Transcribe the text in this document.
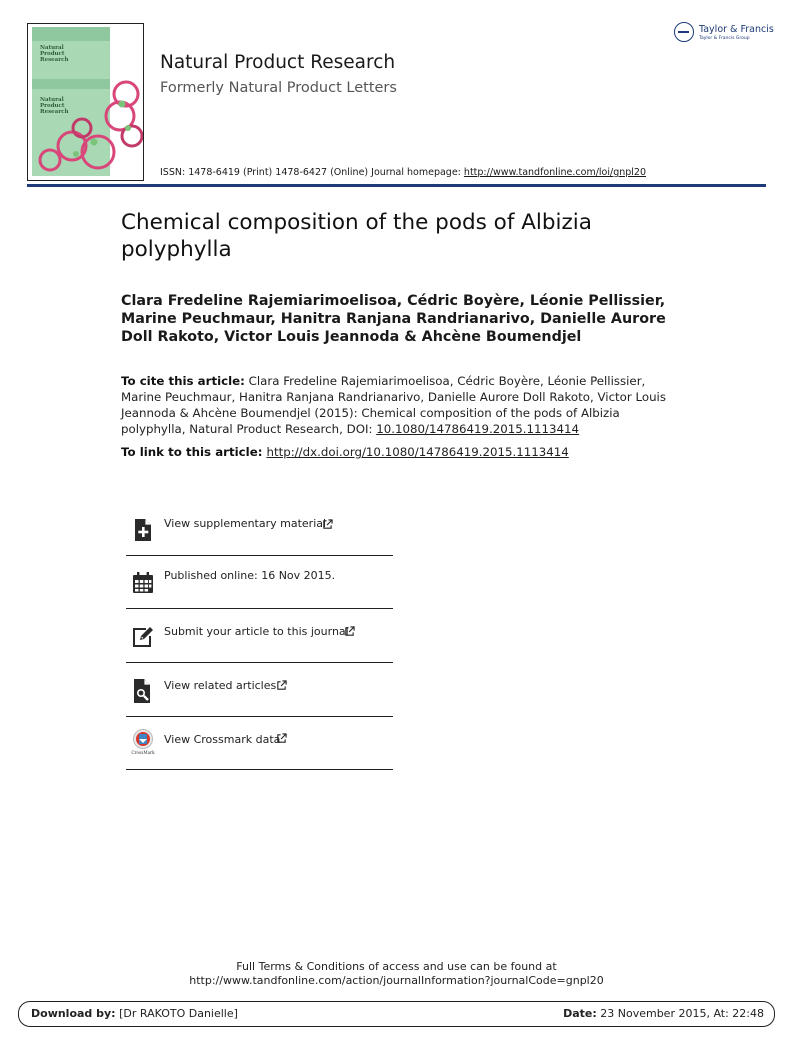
Natural Product Research
Natural Product Research
Taylor & Francis
Taylor & Francis Group
Natural Product Research
Formerly Natural Product Letters
ISSN: 1478-6419 (Print) 1478-6427 (Online) Journal homepage: http://www.tandfonline.com/loi/gnpl20
Chemical composition of the pods of Albizia polyphylla
Clara Fredeline Rajemiarimoelisoa, Cédric Boyère, Léonie Pellissier, Marine Peuchmaur, Hanitra Ranjana Randrianarivo, Danielle Aurore Doll Rakoto, Victor Louis Jeannoda & Ahcène Boumendjel
To cite this article: Clara Fredeline Rajemiarimoelisoa, Cédric Boyère, Léonie Pellissier, Marine Peuchmaur, Hanitra Ranjana Randrianarivo, Danielle Aurore Doll Rakoto, Victor Louis Jeannoda & Ahcène Boumendjel (2015): Chemical composition of the pods of Albizia polyphylla, Natural Product Research, DOI: 10.1080/14786419.2015.1113414
To link to this article: http://dx.doi.org/10.1080/14786419.2015.1113414
View supplementary material
Published online: 16 Nov 2015.
Submit your article to this journal
View related articles
CrossMark
View Crossmark data
Full Terms & Conditions of access and use can be found at
http://www.tandfonline.com/action/journalInformation?journalCode=gnpl20
Download by: [Dr RAKOTO Danielle]	Date: 23 November 2015, At: 22:48
